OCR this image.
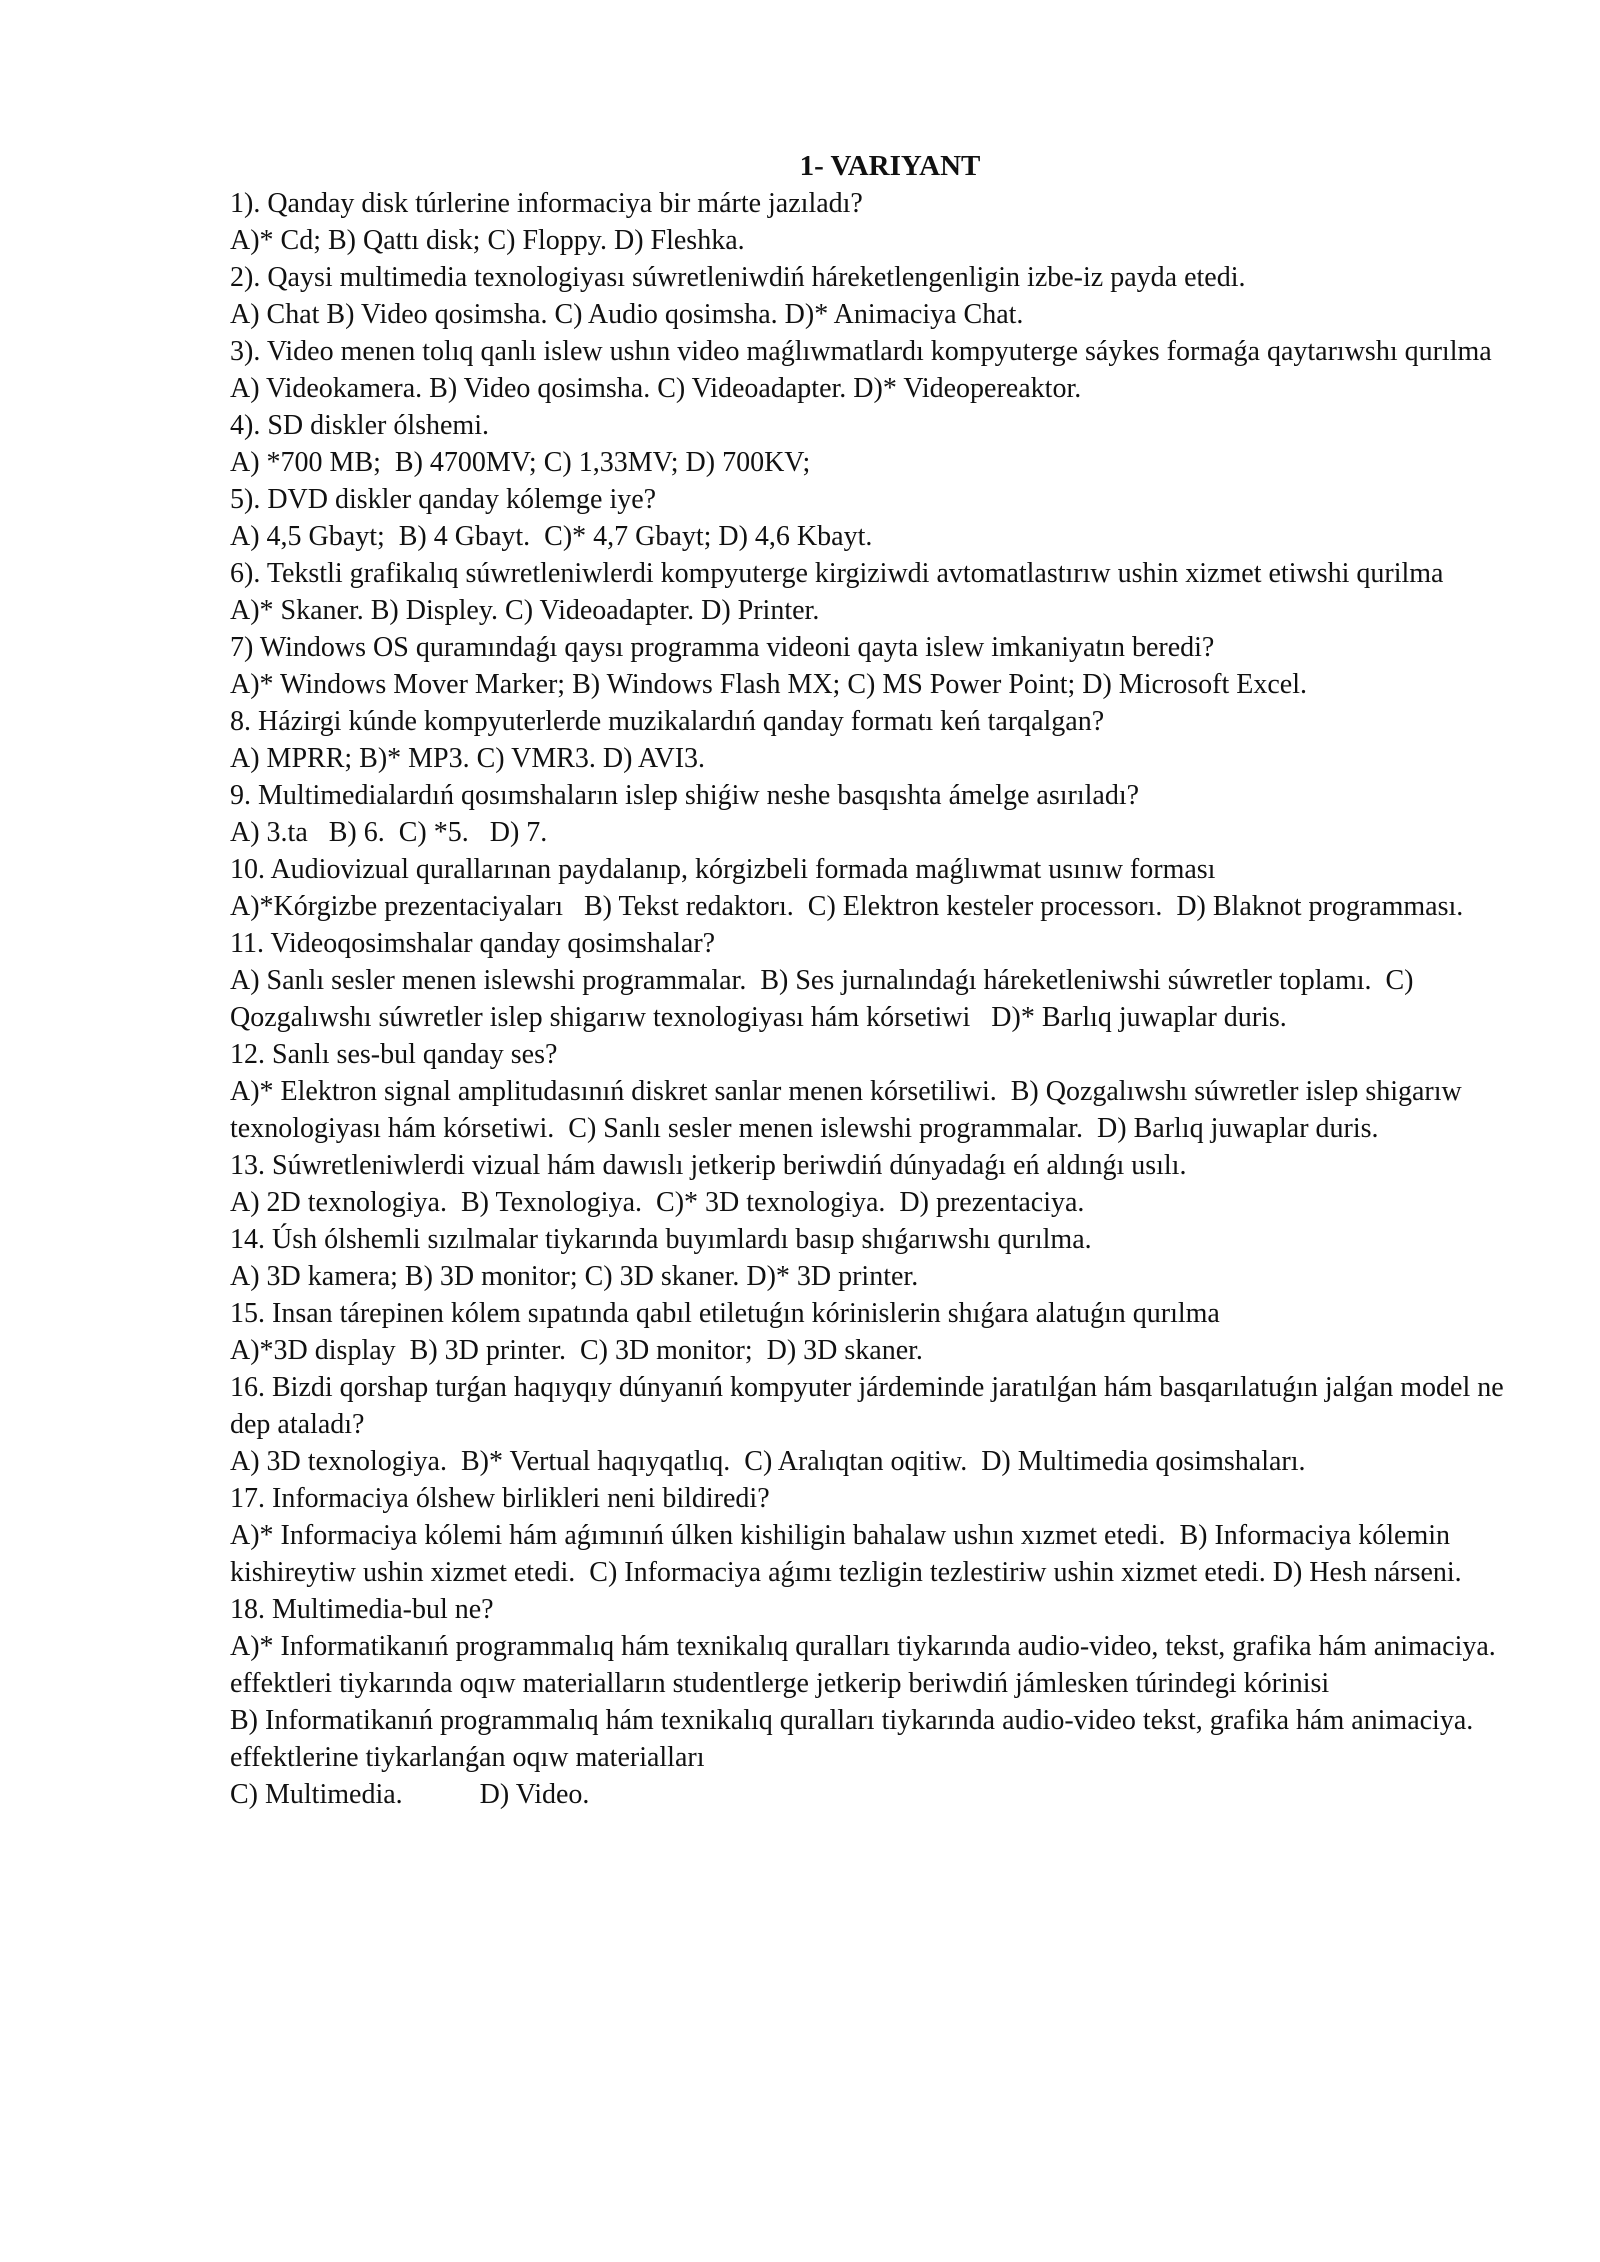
1- VARIYANT

1). Qanday disk túrlerine informaciya bir márte jazıladı?

A)* Cd; B) Qattı disk; C) Floppy. D) Fleshka.

2). Qaysi multimedia texnologiyası súwretleniwdiń háreketlengenligin izbe-iz payda etedi.

A) Chat B) Video qosimsha. C) Audio qosimsha. D)* Animaciya Chat.

3). Video menen tolıq qanlı islew ushın video maǵlıwmatlardı kompyuterge sáykes formaǵa qaytarıwshı qurılma

A) Videokamera. B) Video qosimsha. C) Videoadapter. D)* Videopereaktor.

4). SD diskler ólshemi.

A) *700 MB;  B) 4700MV; C) 1,33MV; D) 700KV;

5). DVD diskler qanday kólemge iye?

A) 4,5 Gbayt;  B) 4 Gbayt.  C)* 4,7 Gbayt; D) 4,6 Kbayt.

6). Tekstli grafikalıq súwretleniwlerdi kompyuterge kirgiziwdi avtomatlastırıw ushin xizmet etiwshi qurilma

A)* Skaner. B) Displey. C) Videoadapter. D) Printer.

7) Windows OS quramındaǵı qaysı programma videoni qayta islew imkaniyatın beredi?

A)* Windows Mover Marker; B) Windows Flash MX; C) MS Power Point; D) Microsoft Excel.

8. Házirgi kúnde kompyuterlerde muzikalardıń qanday formatı keń tarqalgan?

A) MPRR; B)* MP3. C) VMR3. D) AVI3.

9. Multimedialardıń qosımshaların islep shiǵiw neshe basqıshta ámelge asırıladı?

A) 3.ta   B) 6.  C) *5.   D) 7.

10. Audiovizual qurallarınan paydalanıp, kórgizbeli formada maǵlıwmat usınıw forması

A)*Kórgizbe prezentaciyaları   B) Tekst redaktorı.  C) Elektron kesteler processorı.  D) Blaknot programması.

11. Videoqosimshalar qanday qosimshalar?

A) Sanlı sesler menen islewshi programmalar.  B) Ses jurnalındaǵı háreketleniwshi súwretler toplamı.  C) Qozgalıwshı súwretler islep shigarıw texnologiyası hám kórsetiwi   D)* Barlıq juwaplar duris.

12. Sanlı ses-bul qanday ses?

A)* Elektron signal amplitudasınıń diskret sanlar menen kórsetiliwi.  B) Qozgalıwshı súwretler islep shigarıw texnologiyası hám kórsetiwi.  C) Sanlı sesler menen islewshi programmalar.  D) Barlıq juwaplar duris.

13. Súwretleniwlerdi vizual hám dawıslı jetkerip beriwdiń dúnyadaǵı eń aldınǵı usılı.

A) 2D texnologiya.  B) Texnologiya.  C)* 3D texnologiya.  D) prezentaciya.

14. Úsh ólshemli sızılmalar tiykarında buyımlardı basıp shıǵarıwshı qurılma.

A) 3D kamera; B) 3D monitor; C) 3D skaner. D)* 3D printer.

15. Insan tárepinen kólem sıpatında qabıl etiletuǵın kórinislerin shıǵara alatuǵın qurılma

A)*3D display  B) 3D printer.  C) 3D monitor;  D) 3D skaner.

16. Bizdi qorshap turǵan haqıyqıy dúnyanıń kompyuter járdeminde jaratılǵan hám basqarılatuǵın jalǵan model ne dep ataladı?

A) 3D texnologiya.  B)* Vertual haqıyqatlıq.  C) Aralıqtan oqitiw.  D) Multimedia qosimshaları.

17. Informaciya ólshew birlikleri neni bildiredi?

A)* Informaciya kólemi hám aǵımınıń úlken kishiligin bahalaw ushın xızmet etedi.  B) Informaciya kólemin kishireytiw ushin xizmet etedi.  C) Informaciya aǵımı tezligin tezlestiriw ushin xizmet etedi. D) Hesh nárseni.

18. Multimedia-bul ne?

A)* Informatikanıń programmalıq hám texnikalıq quralları tiykarında audio-video, tekst, grafika hám animaciya. effektleri tiykarında oqıw materialların studentlerge jetkerip beriwdiń jámlesken túrindegi kórinisi

B) Informatikanıń programmalıq hám texnikalıq quralları tiykarında audio-video tekst, grafika hám animaciya. effektlerine tiykarlanǵan oqıw materialları

C) Multimedia.           D) Video.
